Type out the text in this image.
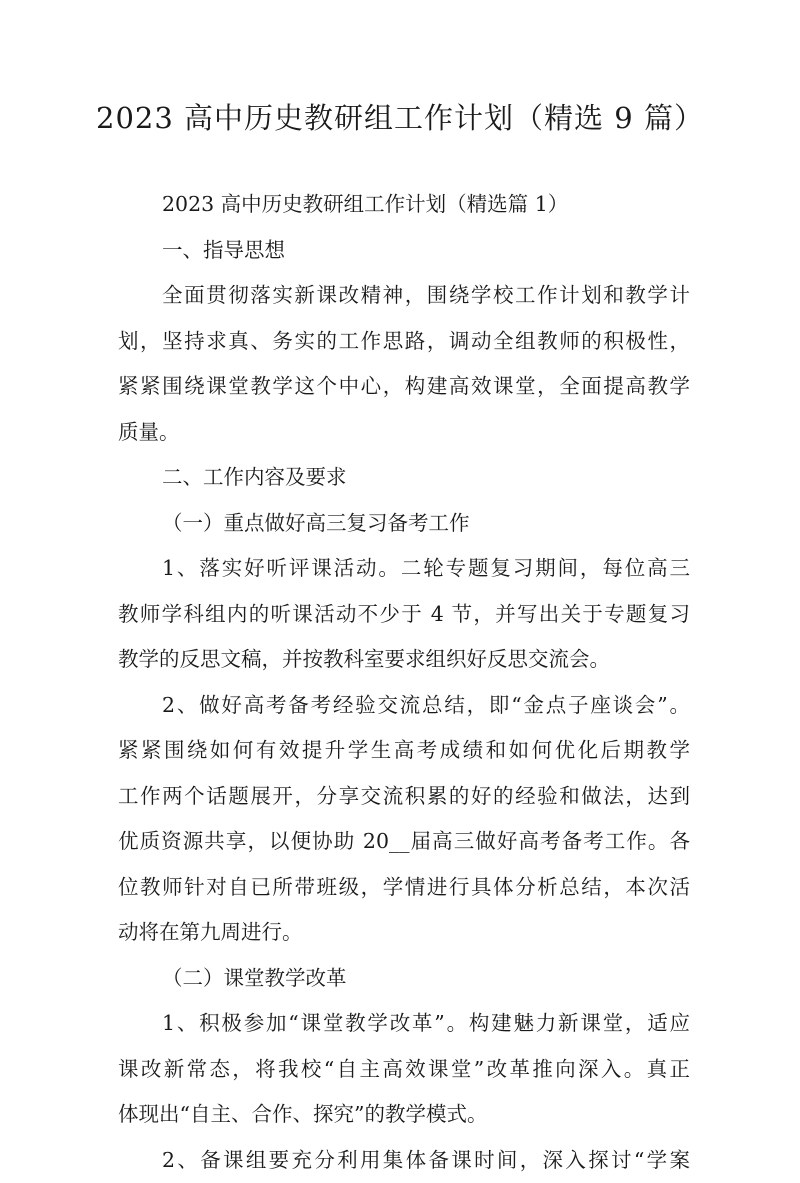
2023 高中历史教研组工作计划（精选 9 篇）
2023 高中历史教研组工作计划（精选篇 1）
一、指导思想
全面贯彻落实新课改精神，围绕学校工作计划和教学计
划，坚持求真、务实的工作思路，调动全组教师的积极性，
紧紧围绕课堂教学这个中心，构建高效课堂，全面提高教学
质量。
二、工作内容及要求
（一）重点做好高三复习备考工作
1、落实好听评课活动。二轮专题复习期间，每位高三
教师学科组内的听课活动不少于 4 节，并写出关于专题复习
教学的反思文稿，并按教科室要求组织好反思交流会。
2、做好高考备考经验交流总结，即“金点子座谈会”。
紧紧围绕如何有效提升学生高考成绩和如何优化后期教学
工作两个话题展开，分享交流积累的好的经验和做法，达到
优质资源共享，以便协助 20__届高三做好高考备考工作。各
位教师针对自已所带班级，学情进行具体分析总结，本次活
动将在第九周进行。
（二）课堂教学改革
1、积极参加“课堂教学改革”。构建魅力新课堂，适应
课改新常态，将我校“自主高效课堂”改革推向深入。真正
体现出“自主、合作、探究”的教学模式。
2、备课组要充分利用集体备课时间，深入探讨“学案
